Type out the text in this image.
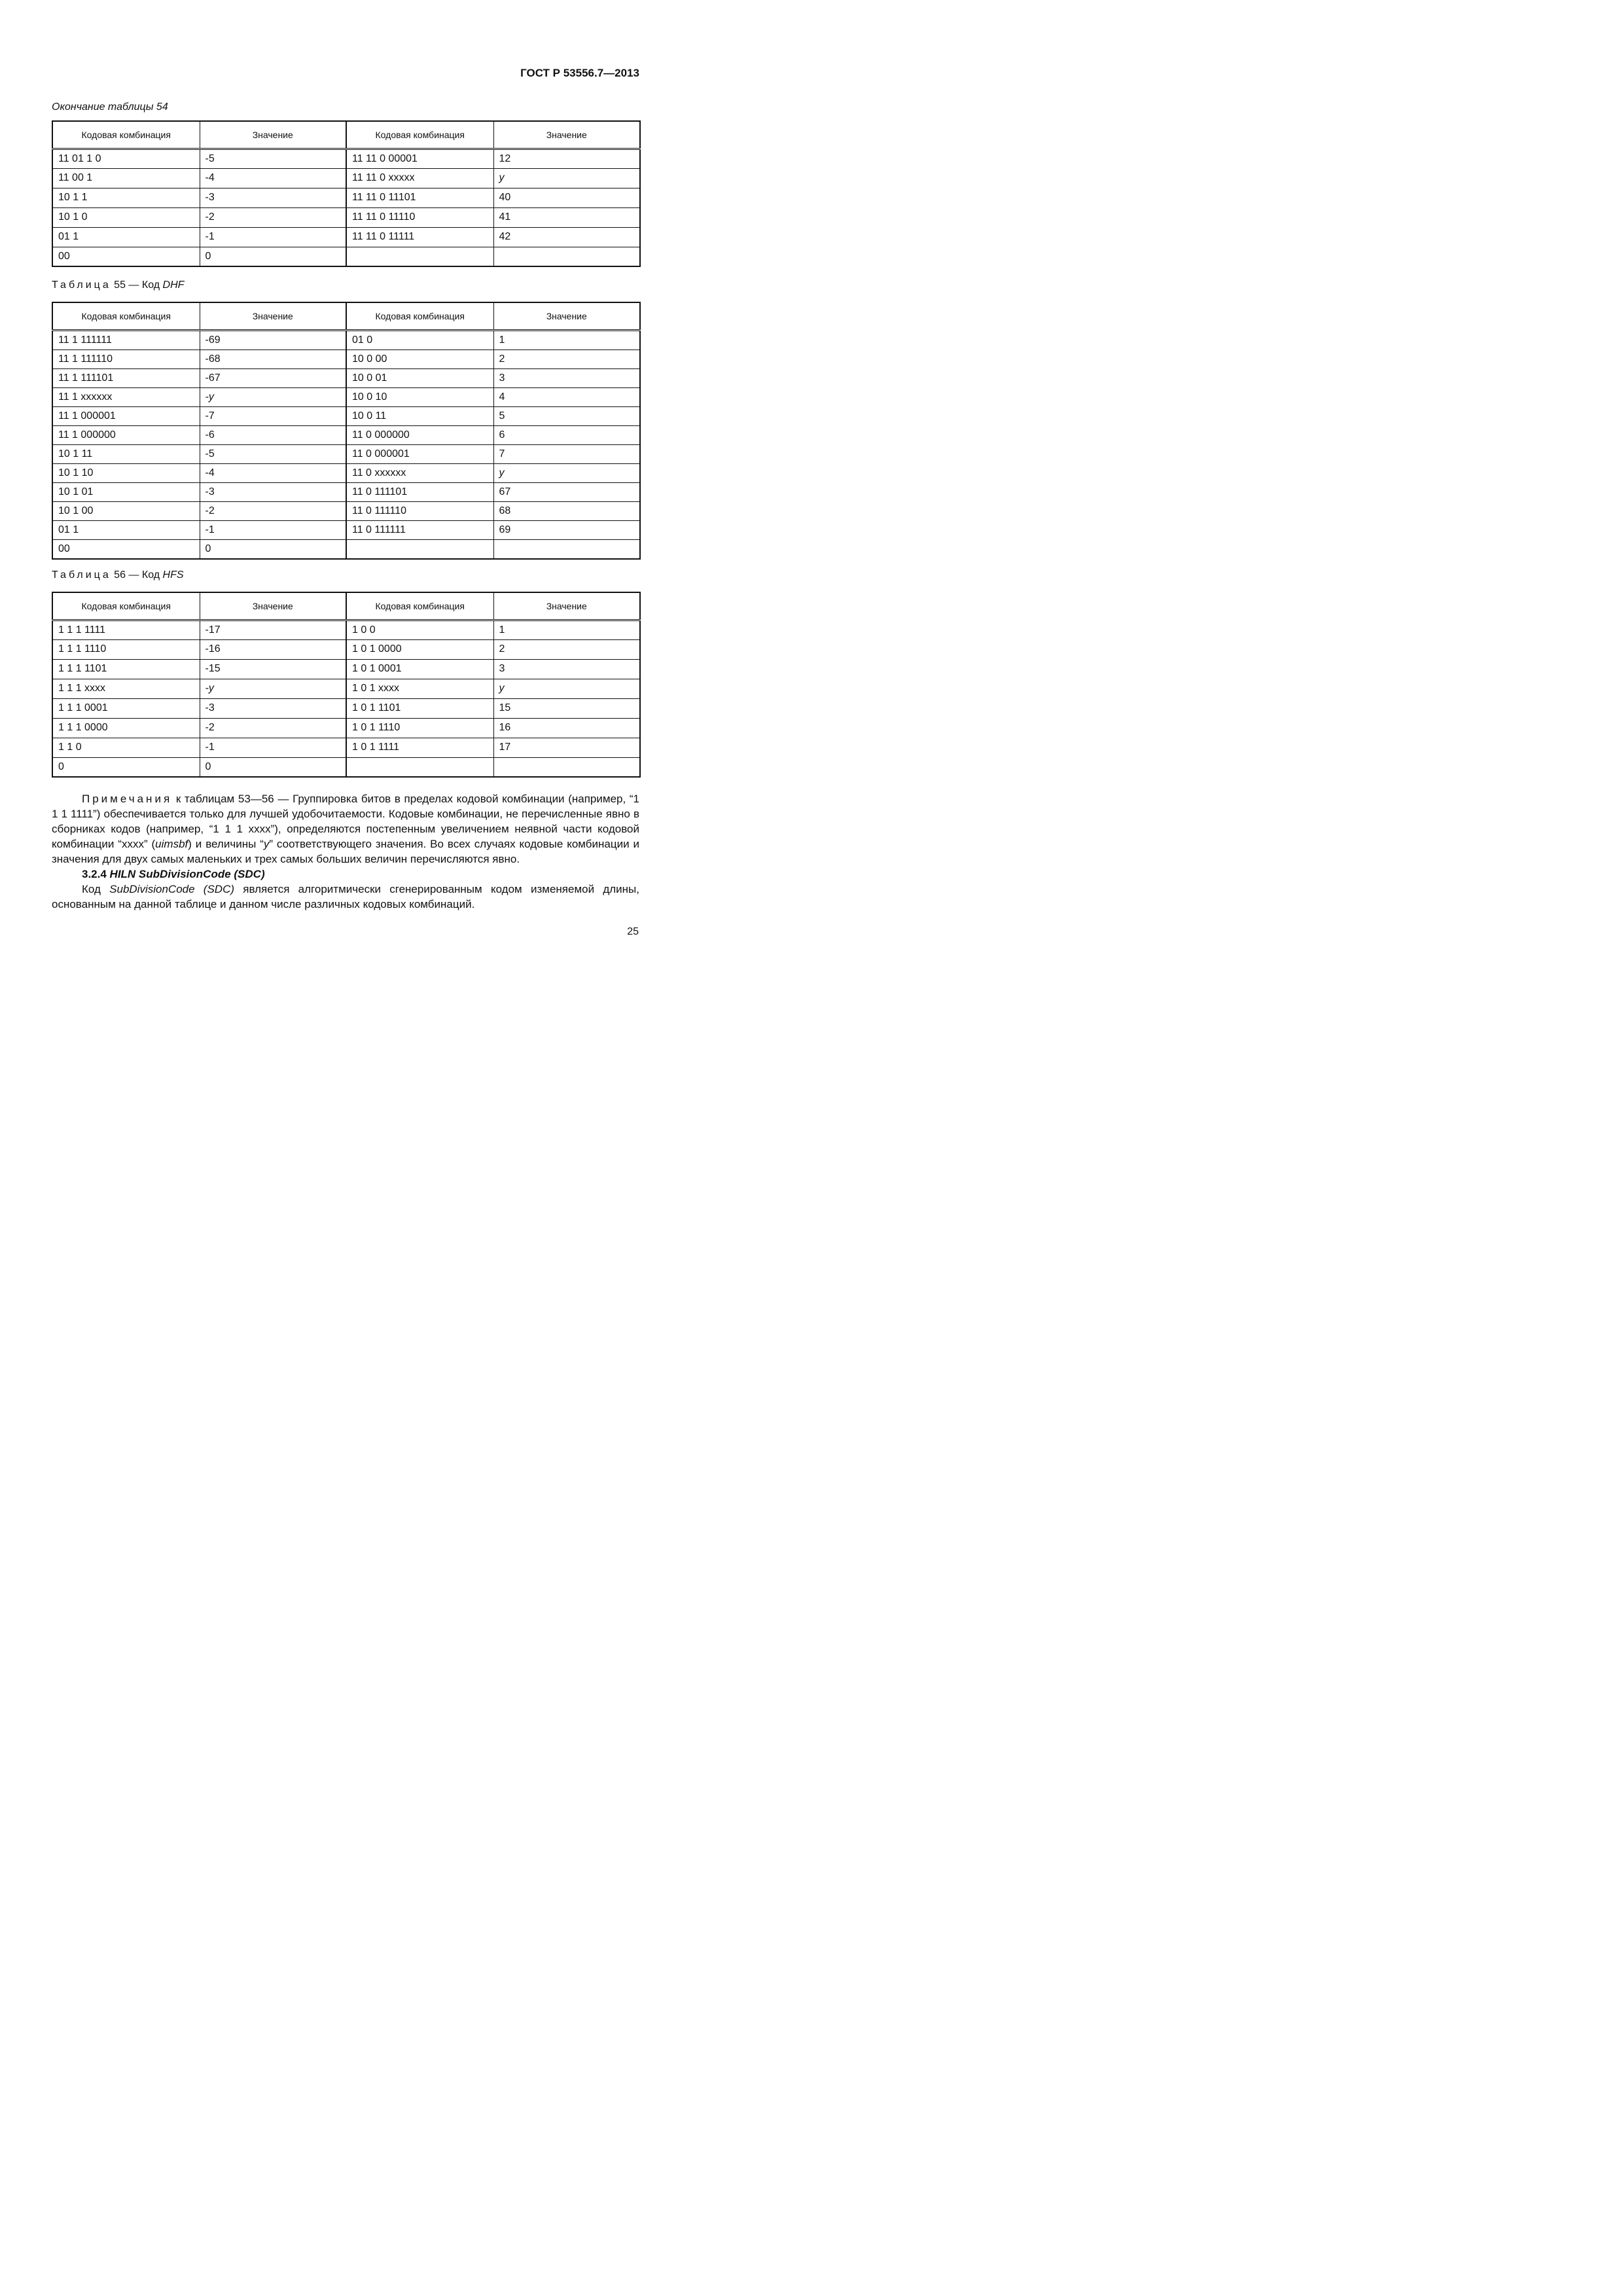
ГОСТ Р 53556.7—2013
Окончание таблицы 54
Кодовая комбинация	Значение	Кодовая комбинация	Значение
11 01 1 0	-5	11 11 0 00001	12
11 00 1	-4	11 11 0 xxxxx	y
10 1 1	-3	11 11 0 11101	40
10 1 0	-2	11 11 0 11110	41
01 1	-1	11 11 0 11111	42
00	0		
Таблица 55 — Код DHF
Кодовая комбинация	Значение	Кодовая комбинация	Значение
11 1 111111	-69	01 0	1
11 1 111110	-68	10 0 00	2
11 1 111101	-67	10 0 01	3
11 1 xxxxxx	-y	10 0 10	4
11 1 000001	-7	10 0 11	5
11 1 000000	-6	11 0 000000	6
10 1 11	-5	11 0 000001	7
10 1 10	-4	11 0 xxxxxx	y
10 1 01	-3	11 0 111101	67
10 1 00	-2	11 0 111110	68
01 1	-1	11 0 111111	69
00	0		
Таблица 56 — Код HFS
Кодовая комбинация	Значение	Кодовая комбинация	Значение
1 1 1 1111	-17	1 0 0	1
1 1 1 1110	-16	1 0 1 0000	2
1 1 1 1101	-15	1 0 1 0001	3
1 1 1 xxxx	-y	1 0 1 xxxx	y
1 1 1 0001	-3	1 0 1 1101	15
1 1 1 0000	-2	1 0 1 1110	16
1 1 0	-1	1 0 1 1111	17
0	0		

Примечания к таблицам 53—56 — Группировка битов в пределах кодовой комбинации (например, “1 1 1 1111”) обеспечивается только для лучшей удобочитаемости. Кодовые комбинации, не перечисленные явно в сборниках кодов (например, “1 1 1 xxxx”), определяются постепенным увеличением неявной части кодовой комбинации “xxxx” (uimsbf) и величины “y” соответствующего значения. Во всех случаях кодовые комбинации и значения для двух самых маленьких и трех самых больших величин перечисляются явно.

3.2.4 HILN SubDivisionCode (SDC)

Код SubDivisionCode (SDC) является алгоритмически сгенерированным кодом изменяемой длины, основанным на данной таблице и данном числе различных кодовых комбинаций.

25
